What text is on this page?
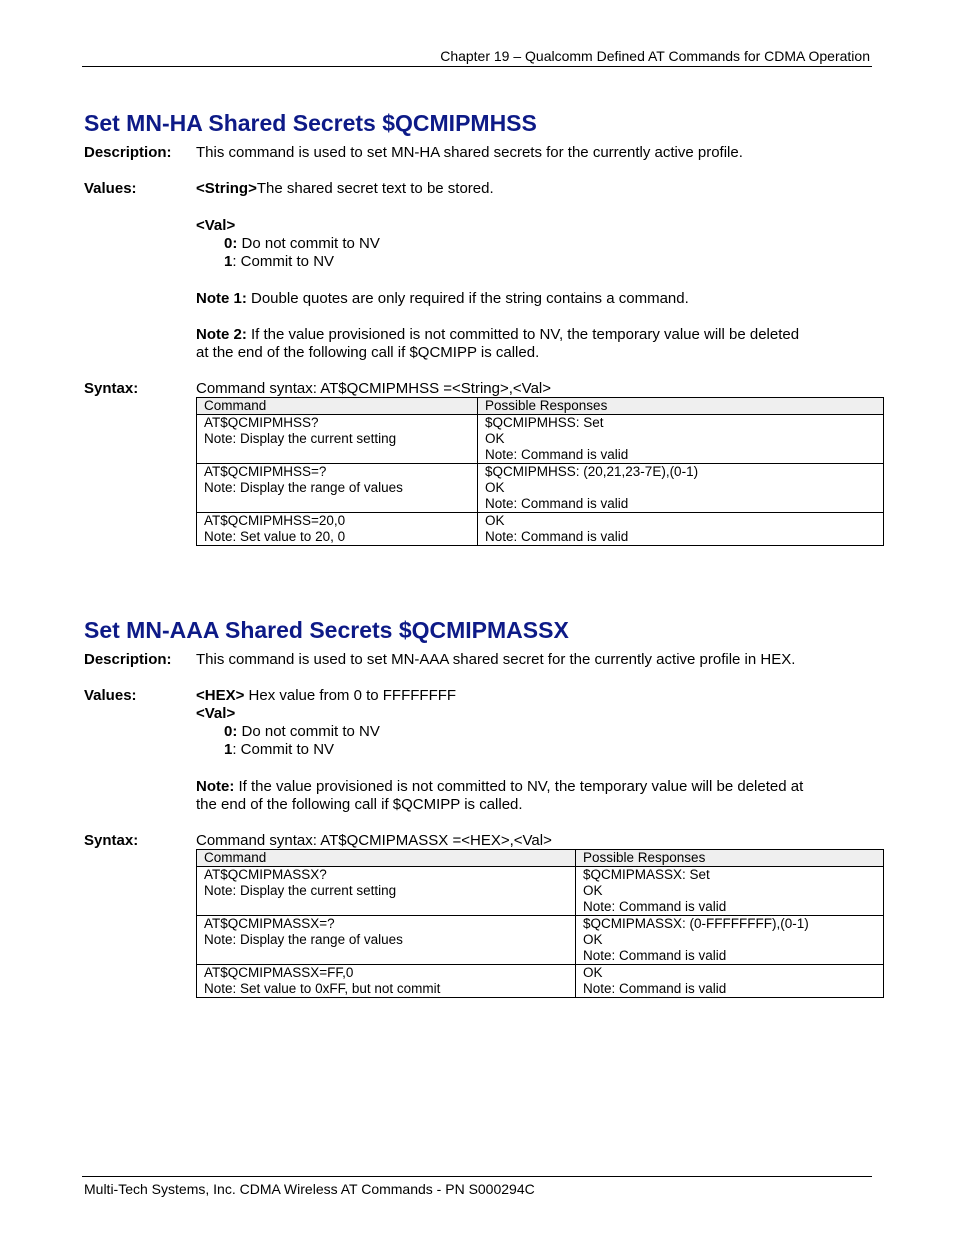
Chapter 19 – Qualcomm Defined AT Commands for CDMA Operation
Set MN-HA Shared Secrets $QCMIPMHSS
Description: This command is used to set MN-HA shared secrets for the currently active profile.
Values:	<String>The shared secret text to be stored.
<Val>
0: Do not commit to NV
1: Commit to NV
Note 1: Double quotes are only required if the string contains a command.
Note 2: If the value provisioned is not committed to NV, the temporary value will be deleted
at the end of the following call if $QCMIPP is called.
Syntax:	Command syntax: AT$QCMIPMHSS =<String>,<Val>
Command	Possible Responses

AT$QCMIPMHSS?
Note: Display the current setting	$QCMIPMHSS: Set
OK
Note: Command is valid

AT$QCMIPMHSS=?
Note: Display the range of values	$QCMIPMHSS: (20,21,23-7E),(0-1)
OK
Note: Command is valid

AT$QCMIPMHSS=20,0
Note: Set value to 20, 0	OK
Note: Command is valid
Set MN-AAA Shared Secrets $QCMIPMASSX
Description: This command is used to set MN-AAA shared secret for the currently active profile in HEX.
Values:	<HEX> Hex value from 0 to FFFFFFFF
<Val>
0: Do not commit to NV
1: Commit to NV
Note: If the value provisioned is not committed to NV, the temporary value will be deleted at
the end of the following call if $QCMIPP is called.
Syntax:	Command syntax: AT$QCMIPMASSX =<HEX>,<Val>
Command	Possible Responses

AT$QCMIPMASSX?
Note: Display the current setting	$QCMIPMASSX: Set
OK
Note: Command is valid

AT$QCMIPMASSX=?
Note: Display the range of values	$QCMIPMASSX: (0-FFFFFFFF),(0-1)
OK
Note: Command is valid

AT$QCMIPMASSX=FF,0
Note: Set value to 0xFF, but not commit	OK
Note: Command is valid
Multi-Tech Systems, Inc. CDMA Wireless AT Commands - PN S000294C
